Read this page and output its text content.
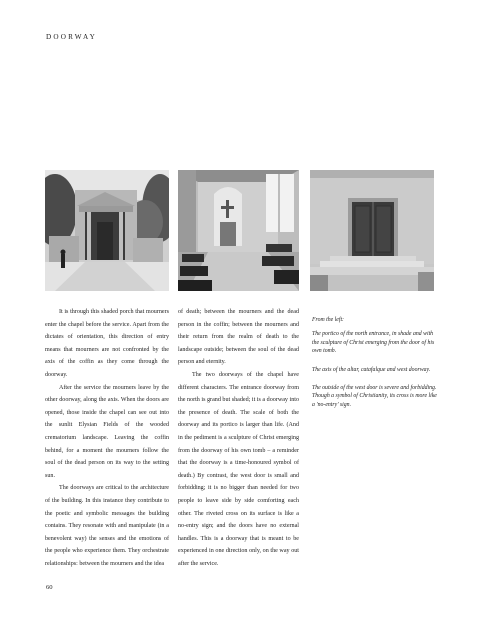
DOORWAY

It is through this shaded porch that mourners enter the chapel before the service. Apart from the dictates of orientation, this direction of entry means that mourners are not confronted by the axis of the coffin as they come through the doorway.

After the service the mourners leave by the other doorway, along the axis. When the doors are opened, those inside the chapel can see out into the sunlit Elysian Fields of the wooded crematorium landscape. Leaving the coffin behind, for a moment the mourners follow the soul of the dead person on its way to the setting sun.

The doorways are critical to the architecture of the building. In this instance they contribute to the poetic and symbolic messages the building contains. They resonate with and manipulate (in a benevolent way) the senses and the emotions of the people who experience them. They orchestrate relationships: between the mourners and the idea

of death; between the mourners and the dead person in the coffin; between the mourners and their return from the realm of death to the landscape outside; between the soul of the dead person and eternity.

The two doorways of the chapel have different characters. The entrance doorway from the north is grand but shaded; it is a doorway into the presence of death. The scale of both the doorway and its portico is larger than life. (And in the pediment is a sculpture of Christ emerging from the doorway of his own tomb – a reminder that the doorway is a time-honoured symbol of death.) By contrast, the west door is small and forbidding; it is no bigger than needed for two people to leave side by side comforting each other. The riveted cross on its surface is like a no-entry sign; and the doors have no external handles. This is a doorway that is meant to be experienced in one direction only, on the way out after the service.

From the left:

The portico of the north entrance, in shade and with the sculpture of Christ emerging from the door of his own tomb.

The axis of the altar, catafalque and west doorway.

The outside of the west door is severe and forbidding. Though a symbol of Christianity, its cross is more like a 'no-entry' sign.

60
